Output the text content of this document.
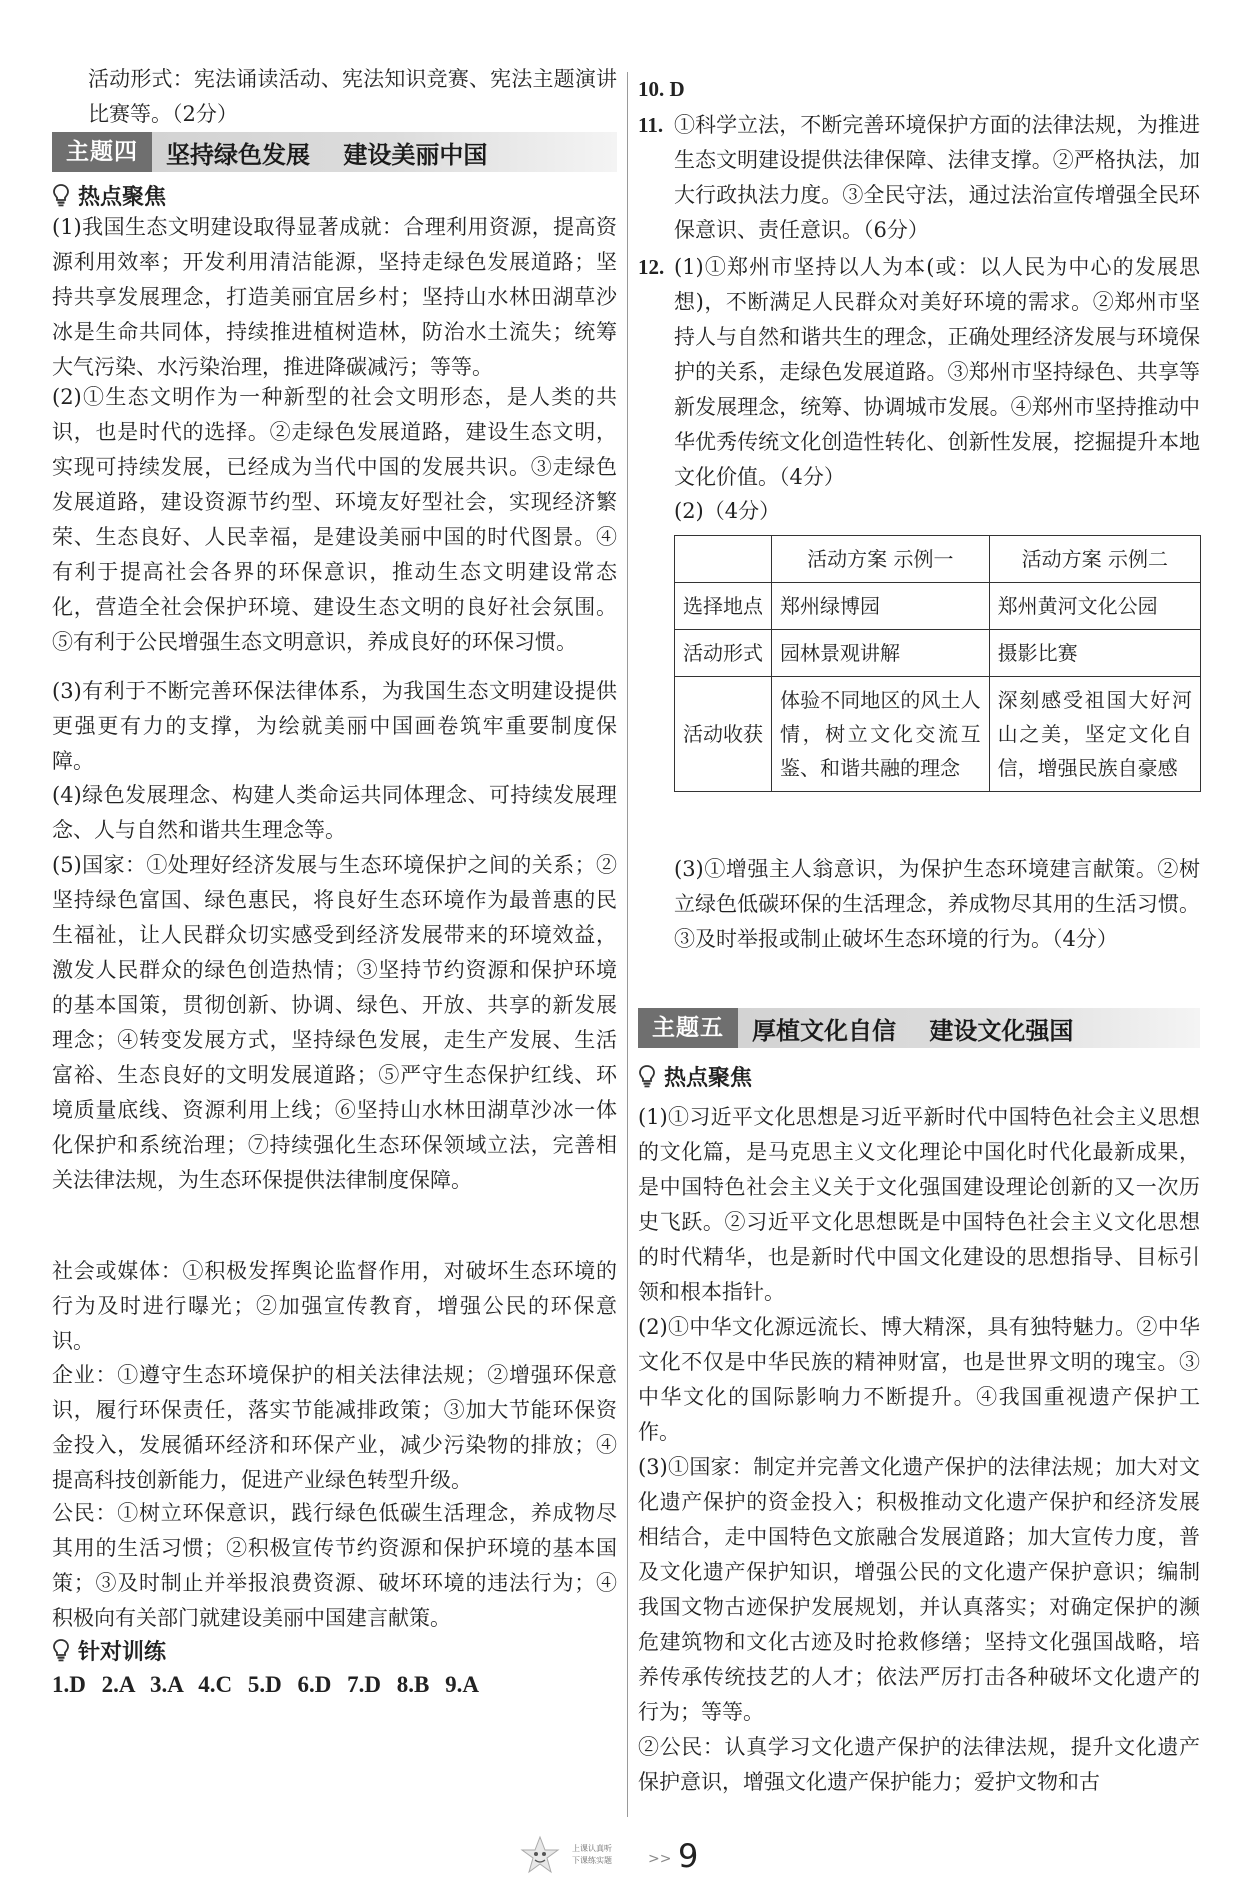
活动形式：宪法诵读活动、宪法知识竞赛、宪法主题演讲比赛等。（2分）

主题四	坚持绿色发展    建设美丽中国
热点聚焦

(1)我国生态文明建设取得显著成就：合理利用资源，提高资源利用效率；开发利用清洁能源，坚持走绿色发展道路；坚持共享发展理念，打造美丽宜居乡村；坚持山水林田湖草沙冰是生命共同体，持续推进植树造林，防治水土流失；统筹大气污染、水污染治理，推进降碳减污；等等。

(2)①生态文明作为一种新型的社会文明形态，是人类的共识，也是时代的选择。②走绿色发展道路，建设生态文明，实现可持续发展，已经成为当代中国的发展共识。③走绿色发展道路，建设资源节约型、环境友好型社会，实现经济繁荣、生态良好、人民幸福，是建设美丽中国的时代图景。④有利于提高社会各界的环保意识，推动生态文明建设常态化，营造全社会保护环境、建设生态文明的良好社会氛围。⑤有利于公民增强生态文明意识，养成良好的环保习惯。

(3)有利于不断完善环保法律体系，为我国生态文明建设提供更强更有力的支撑，为绘就美丽中国画卷筑牢重要制度保障。

(4)绿色发展理念、构建人类命运共同体理念、可持续发展理念、人与自然和谐共生理念等。

(5)国家：①处理好经济发展与生态环境保护之间的关系；②坚持绿色富国、绿色惠民，将良好生态环境作为最普惠的民生福祉，让人民群众切实感受到经济发展带来的环境效益，激发人民群众的绿色创造热情；③坚持节约资源和保护环境的基本国策，贯彻创新、协调、绿色、开放、共享的新发展理念；④转变发展方式，坚持绿色发展，走生产发展、生活富裕、生态良好的文明发展道路；⑤严守生态保护红线、环境质量底线、资源利用上线；⑥坚持山水林田湖草沙冰一体化保护和系统治理；⑦持续强化生态环保领域立法，完善相关法律法规，为生态环保提供法律制度保障。

社会或媒体：①积极发挥舆论监督作用，对破坏生态环境的行为及时进行曝光；②加强宣传教育，增强公民的环保意识。

企业：①遵守生态环境保护的相关法律法规；②增强环保意识，履行环保责任，落实节能减排政策；③加大节能环保资金投入，发展循环经济和环保产业，减少污染物的排放；④提高科技创新能力，促进产业绿色转型升级。

公民：①树立环保意识，践行绿色低碳生活理念，养成物尽其用的生活习惯；②积极宣传节约资源和保护环境的基本国策；③及时制止并举报浪费资源、破坏环境的违法行为；④积极向有关部门就建设美丽中国建言献策。

针对训练

1.D 2.A 3.A 4.C 5.D 6.D 7.D 8.B 9.A

10. D

11. ①科学立法，不断完善环境保护方面的法律法规，为推进生态文明建设提供法律保障、法律支撑。②严格执法，加大行政执法力度。③全民守法，通过法治宣传增强全民环保意识、责任意识。（6分）

12. (1)①郑州市坚持以人为本(或：以人民为中心的发展思想)，不断满足人民群众对美好环境的需求。②郑州市坚持人与自然和谐共生的理念，正确处理经济发展与环境保护的关系，走绿色发展道路。③郑州市坚持绿色、共享等新发展理念，统筹、协调城市发展。④郑州市坚持推动中华优秀传统文化创造性转化、创新性发展，挖掘提升本地文化价值。（4分）

(2)（4分）

	活动方案 示例一	活动方案 示例二
选择地点	郑州绿博园	郑州黄河文化公园
活动形式	园林景观讲解	摄影比赛
活动收获	体验不同地区的风土人情，树立文化交流互鉴、和谐共融的理念	深刻感受祖国大好河山之美，坚定文化自信，增强民族自豪感

(3)①增强主人翁意识，为保护生态环境建言献策。②树立绿色低碳环保的生活理念，养成物尽其用的生活习惯。③及时举报或制止破坏生态环境的行为。（4分）

主题五	厚植文化自信    建设文化强国
热点聚焦

(1)①习近平文化思想是习近平新时代中国特色社会主义思想的文化篇，是马克思主义文化理论中国化时代化最新成果，是中国特色社会主义关于文化强国建设理论创新的又一次历史飞跃。②习近平文化思想既是中国特色社会主义文化思想的时代精华，也是新时代中国文化建设的思想指导、目标引领和根本指针。

(2)①中华文化源远流长、博大精深，具有独特魅力。②中华文化不仅是中华民族的精神财富，也是世界文明的瑰宝。③中华文化的国际影响力不断提升。④我国重视遗产保护工作。

(3)①国家：制定并完善文化遗产保护的法律法规；加大对文化遗产保护的资金投入；积极推动文化遗产保护和经济发展相结合，走中国特色文旅融合发展道路；加大宣传力度，普及文化遗产保护知识，增强公民的文化遗产保护意识；编制我国文物古迹保护发展规划，并认真落实；对确定保护的濒危建筑物和文化古迹及时抢救修缮；坚持文化强国战略，培养传承传统技艺的人才；依法严厉打击各种破坏文化遗产的行为；等等。

②公民：认真学习文化遗产保护的法律法规，提升文化遗产保护意识，增强文化遗产保护能力；爱护文物和古

上课认真听
下课练实题	>> 9
